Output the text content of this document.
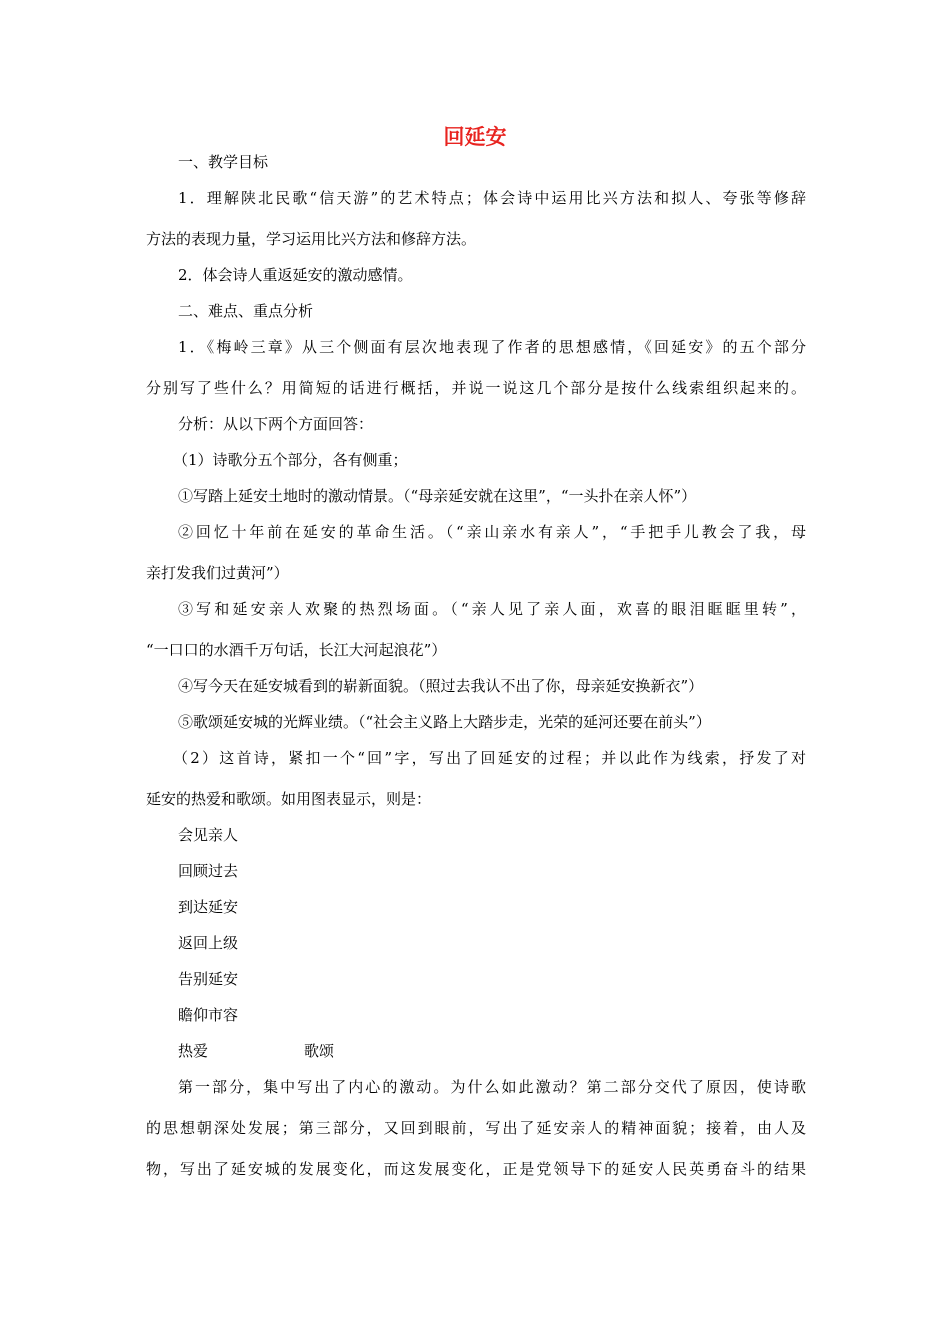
回延安
一、教学目标
1．理解陕北民歌“信天游”的艺术特点；体会诗中运用比兴方法和拟人、夸张等修辞
方法的表现力量，学习运用比兴方法和修辞方法。
2．体会诗人重返延安的激动感情。
二、难点、重点分析
1．《梅岭三章》从三个侧面有层次地表现了作者的思想感情，《回延安》的五个部分
分别写了些什么？用简短的话进行概括，并说一说这几个部分是按什么线索组织起来的。
分析：从以下两个方面回答：
（1）诗歌分五个部分，各有侧重；
①写踏上延安土地时的激动情景。（“母亲延安就在这里”，“一头扑在亲人怀”）
②回忆十年前在延安的革命生活。（“亲山亲水有亲人”，“手把手儿教会了我，母
亲打发我们过黄河”）
③写和延安亲人欢聚的热烈场面。（“亲人见了亲人面，欢喜的眼泪眶眶里转”，
“一口口的水酒千万句话，长江大河起浪花”）
④写今天在延安城看到的崭新面貌。（照过去我认不出了你，母亲延安换新衣”）
⑤歌颂延安城的光辉业绩。（“社会主义路上大踏步走，光荣的延河还要在前头”）
（2）这首诗，紧扣一个“回”字，写出了回延安的过程；并以此作为线索，抒发了对
延安的热爱和歌颂。如用图表显示，则是：
会见亲人
回顾过去
到达延安
返回上级
告别延安
瞻仰市容
热爱	歌颂
第一部分，集中写出了内心的激动。为什么如此激动？第二部分交代了原因，使诗歌
的思想朝深处发展；第三部分，又回到眼前，写出了延安亲人的精神面貌；接着，由人及
物，写出了延安城的发展变化，而这发展变化，正是党领导下的延安人民英勇奋斗的结果
